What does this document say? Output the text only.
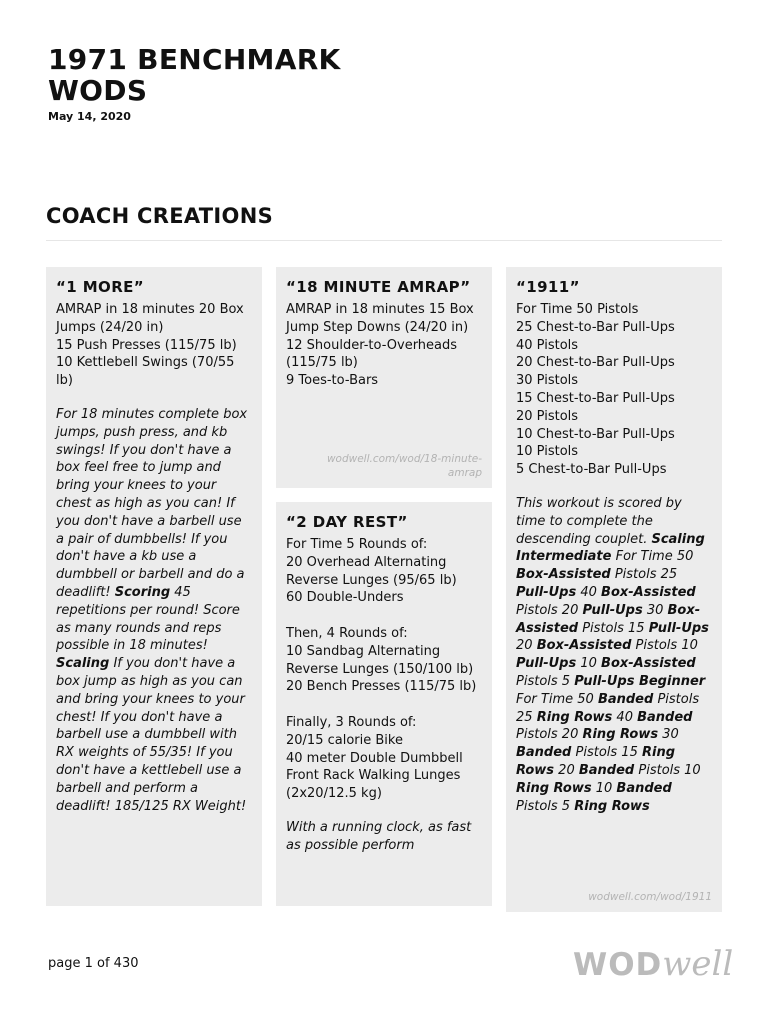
1971 BENCHMARK WODS
May 14, 2020
COACH CREATIONS
“1 MORE”

AMRAP in 18 minutes 20 Box Jumps (24/20 in)
15 Push Presses (115/75 lb)
10 Kettlebell Swings (70/55 lb)

For 18 minutes complete box jumps, push press, and kb swings! If you don't have a box feel free to jump and bring your knees to your chest as high as you can! If you don't have a barbell use a pair of dumbbells! If you don't have a kb use a dumbbell or barbell and do a deadlift! Scoring 45 repetitions per round! Score as many rounds and reps possible in 18 minutes! Scaling If you don't have a box jump as high as you can and bring your knees to your chest! If you don't have a barbell use a dumbbell with RX weights of 55/35! If you don't have a kettlebell use a barbell and perform a deadlift! 185/125 RX Weight!

“18 MINUTE AMRAP”

AMRAP in 18 minutes 15 Box Jump Step Downs (24/20 in)
12 Shoulder-to-Overheads (115/75 lb)
9 Toes-to-Bars

wodwell.com/wod/18-minute-amrap
“2 DAY REST”

For Time 5 Rounds of:
20 Overhead Alternating Reverse Lunges (95/65 lb)
60 Double-Unders

Then, 4 Rounds of:
10 Sandbag Alternating Reverse Lunges (150/100 lb)
20 Bench Presses (115/75 lb)

Finally, 3 Rounds of:
20/15 calorie Bike
40 meter Double Dumbbell Front Rack Walking Lunges (2x20/12.5 kg)

With a running clock, as fast as possible perform

“1911”

For Time 50 Pistols
25 Chest-to-Bar Pull-Ups
40 Pistols
20 Chest-to-Bar Pull-Ups
30 Pistols
15 Chest-to-Bar Pull-Ups
20 Pistols
10 Chest-to-Bar Pull-Ups
10 Pistols
5 Chest-to-Bar Pull-Ups

This workout is scored by time to complete the descending couplet. Scaling Intermediate For Time 50 Box-Assisted Pistols 25 Pull-Ups 40 Box-Assisted Pistols 20 Pull-Ups 30 Box-Assisted Pistols 15 Pull-Ups 20 Box-Assisted Pistols 10 Pull-Ups 10 Box-Assisted Pistols 5 Pull-Ups Beginner For Time 50 Banded Pistols 25 Ring Rows 40 Banded Pistols 20 Ring Rows 30 Banded Pistols 15 Ring Rows 20 Banded Pistols 10 Ring Rows 10 Banded Pistols 5 Ring Rows

wodwell.com/wod/1911
page 1 of 430	WODwell
